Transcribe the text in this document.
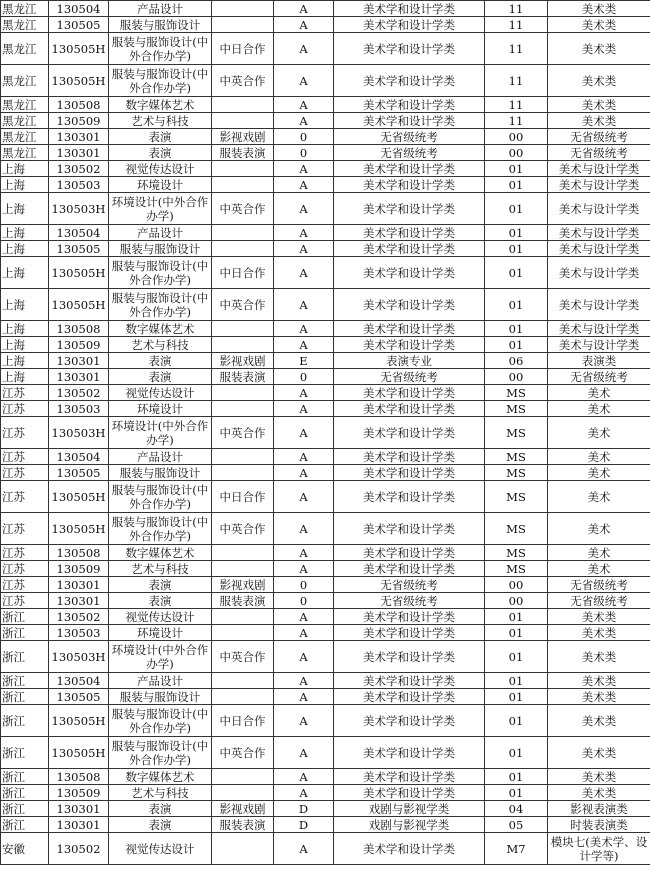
黑龙江	130504	产品设计		A	美术学和设计学类	11	美术类
黑龙江	130505	服装与服饰设计		A	美术学和设计学类	11	美术类
黑龙江	130505H	服装与服饰设计(中外合作办学)	中日合作	A	美术学和设计学类	11	美术类
黑龙江	130505H	服装与服饰设计(中外合作办学)	中英合作	A	美术学和设计学类	11	美术类
黑龙江	130508	数字媒体艺术		A	美术学和设计学类	11	美术类
黑龙江	130509	艺术与科技		A	美术学和设计学类	11	美术类
黑龙江	130301	表演	影视戏剧	0	无省级统考	00	无省级统考
黑龙江	130301	表演	服装表演	0	无省级统考	00	无省级统考
上海	130502	视觉传达设计		A	美术学和设计学类	01	美术与设计学类
上海	130503	环境设计		A	美术学和设计学类	01	美术与设计学类
上海	130503H	环境设计(中外合作办学)	中英合作	A	美术学和设计学类	01	美术与设计学类
上海	130504	产品设计		A	美术学和设计学类	01	美术与设计学类
上海	130505	服装与服饰设计		A	美术学和设计学类	01	美术与设计学类
上海	130505H	服装与服饰设计(中外合作办学)	中日合作	A	美术学和设计学类	01	美术与设计学类
上海	130505H	服装与服饰设计(中外合作办学)	中英合作	A	美术学和设计学类	01	美术与设计学类
上海	130508	数字媒体艺术		A	美术学和设计学类	01	美术与设计学类
上海	130509	艺术与科技		A	美术学和设计学类	01	美术与设计学类
上海	130301	表演	影视戏剧	E	表演专业	06	表演类
上海	130301	表演	服装表演	0	无省级统考	00	无省级统考
江苏	130502	视觉传达设计		A	美术学和设计学类	MS	美术
江苏	130503	环境设计		A	美术学和设计学类	MS	美术
江苏	130503H	环境设计(中外合作办学)	中英合作	A	美术学和设计学类	MS	美术
江苏	130504	产品设计		A	美术学和设计学类	MS	美术
江苏	130505	服装与服饰设计		A	美术学和设计学类	MS	美术
江苏	130505H	服装与服饰设计(中外合作办学)	中日合作	A	美术学和设计学类	MS	美术
江苏	130505H	服装与服饰设计(中外合作办学)	中英合作	A	美术学和设计学类	MS	美术
江苏	130508	数字媒体艺术		A	美术学和设计学类	MS	美术
江苏	130509	艺术与科技		A	美术学和设计学类	MS	美术
江苏	130301	表演	影视戏剧	0	无省级统考	00	无省级统考
江苏	130301	表演	服装表演	0	无省级统考	00	无省级统考
浙江	130502	视觉传达设计		A	美术学和设计学类	01	美术类
浙江	130503	环境设计		A	美术学和设计学类	01	美术类
浙江	130503H	环境设计(中外合作办学)	中英合作	A	美术学和设计学类	01	美术类
浙江	130504	产品设计		A	美术学和设计学类	01	美术类
浙江	130505	服装与服饰设计		A	美术学和设计学类	01	美术类
浙江	130505H	服装与服饰设计(中外合作办学)	中日合作	A	美术学和设计学类	01	美术类
浙江	130505H	服装与服饰设计(中外合作办学)	中英合作	A	美术学和设计学类	01	美术类
浙江	130508	数字媒体艺术		A	美术学和设计学类	01	美术类
浙江	130509	艺术与科技		A	美术学和设计学类	01	美术类
浙江	130301	表演	影视戏剧	D	戏剧与影视学类	04	影视表演类
浙江	130301	表演	服装表演	D	戏剧与影视学类	05	时装表演类
安徽	130502	视觉传达设计		A	美术学和设计学类	M7	模块七(美术学、设计学等)
